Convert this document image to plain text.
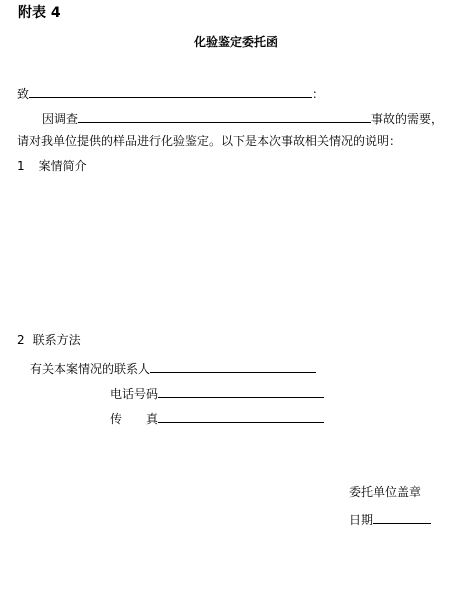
附表 4
化验鉴定委托函
致	：
因调查	事故的需要，
请对我单位提供的样品进行化验鉴定。以下是本次事故相关情况的说明：
1 案情简介
2 联系方法
有关本案情况的联系人
电话号码
传　　真
委托单位盖章
日期
